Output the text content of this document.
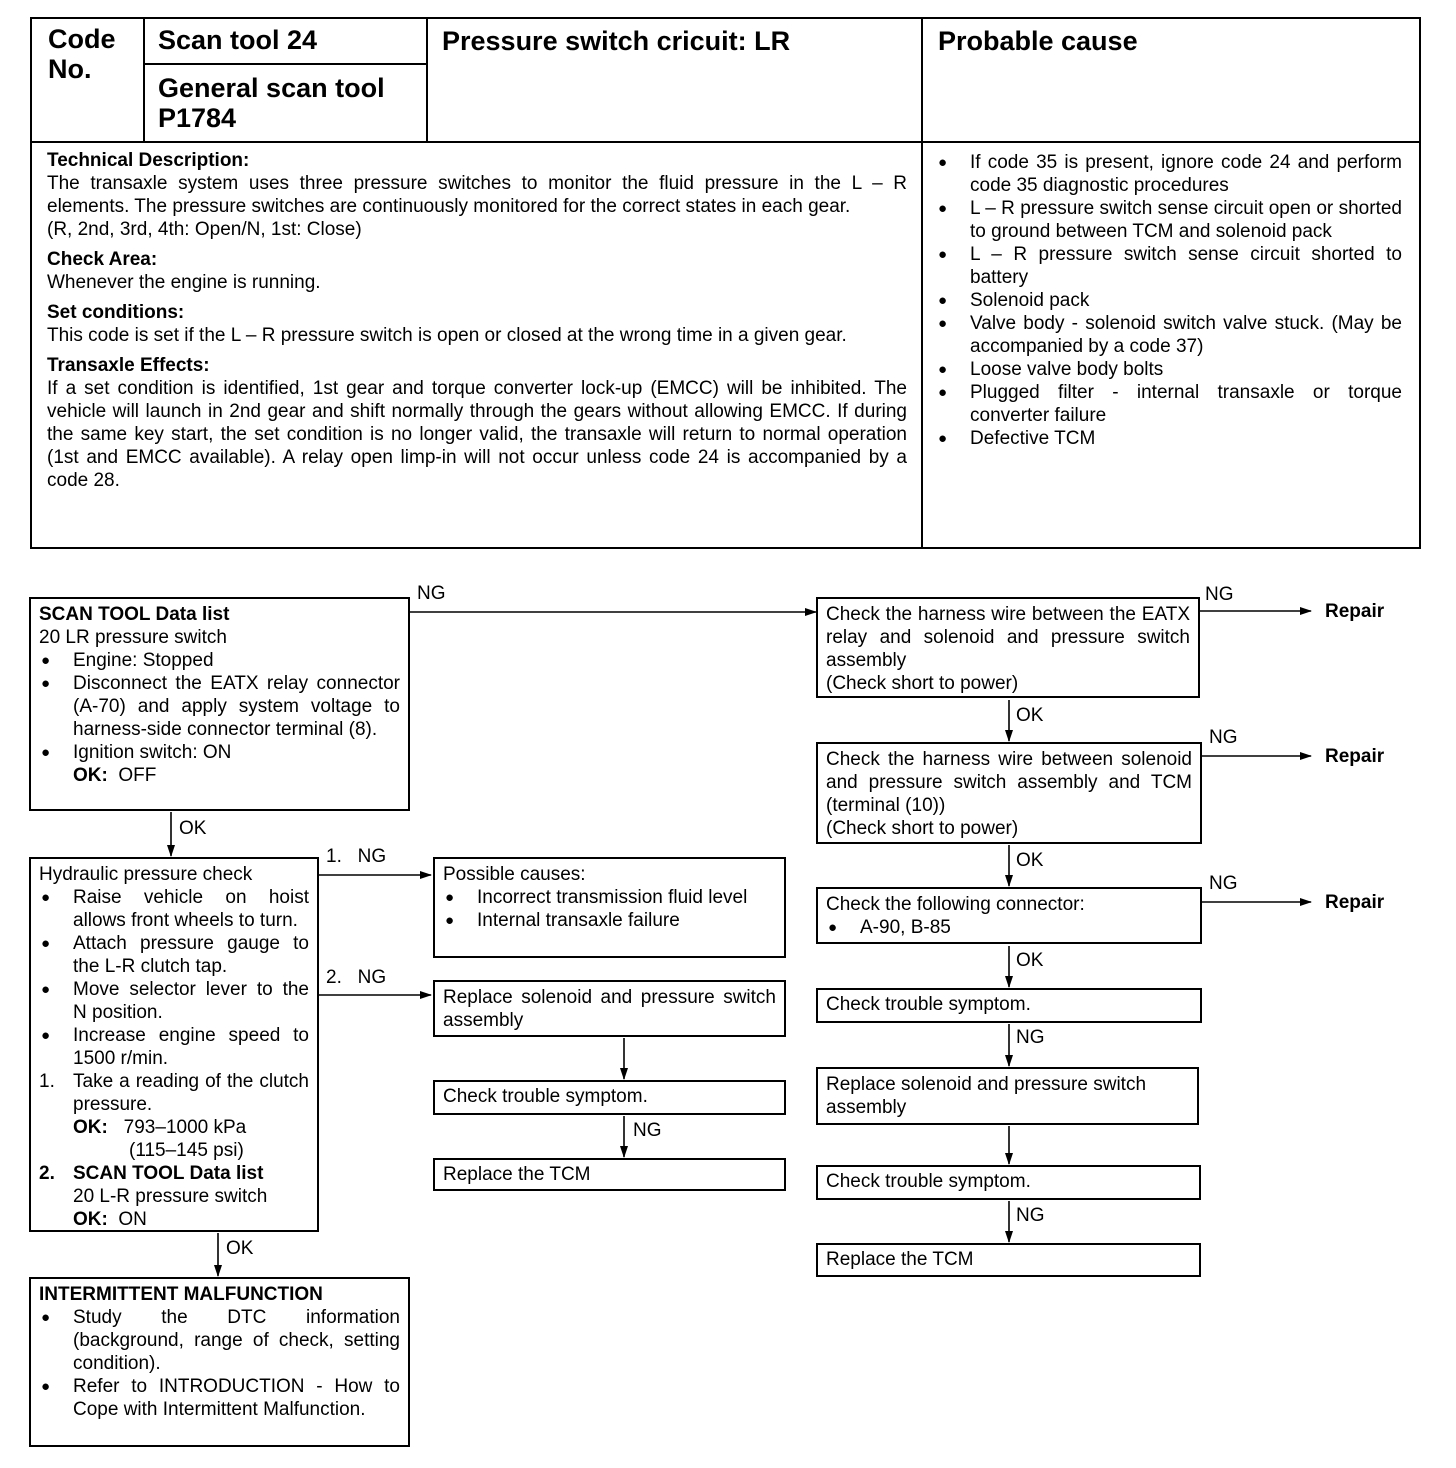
Code No.
Scan tool 24
General scan tool P1784
Pressure switch cricuit: LR	Probable cause
Technical Description:
The transaxle system uses three pressure switches to monitor the fluid pressure in the L – R elements. The pressure switches are continuously monitored for the correct states in each gear.
(R, 2nd, 3rd, 4th: Open/N, 1st: Close)
Check Area:
Whenever the engine is running.
Set conditions:
This code is set if the L – R pressure switch is open or closed at the wrong time in a given gear.
Transaxle Effects:
If a set condition is identified, 1st gear and torque converter lock-up (EMCC) will be inhibited. The vehicle will launch in 2nd gear and shift normally through the gears without allowing EMCC. If during the same key start, the set condition is no longer valid, the transaxle will return to normal operation (1st and EMCC available). A relay open limp-in will not occur unless code 24 is accompanied by a code 28.
● If code 35 is present, ignore code 24 and perform code 35 diagnostic procedures
● L – R pressure switch sense circuit open or shorted to ground between TCM and solenoid pack
● L – R pressure switch sense circuit shorted to battery
● Solenoid pack
● Valve body - solenoid switch valve stuck. (May be accompanied by a code 37)
● Loose valve body bolts
● Plugged filter - internal transaxle or torque converter failure
● Defective TCM
NG
OK
1.   NG
2.   NG
OK
NG
NG
OK
NG
OK
NG
OK
NG
NG
Repair
Repair
Repair
SCAN TOOL Data list
20 LR pressure switch
● Engine: Stopped
● Disconnect the EATX relay connector (A-70) and apply system voltage to harness-side connector terminal (8).
● Ignition switch: ON
OK: OFF
Hydraulic pressure check
● Raise vehicle on hoist allows front wheels to turn.
● Attach pressure gauge to the L-R clutch tap.
● Move selector lever to the N position.
● Increase engine speed to 1500 r/min.
1. Take a reading of the clutch pressure.
OK: 793–1000 kPa
(115–145 psi)
2. SCAN TOOL Data list
20 L-R pressure switch
OK: ON
INTERMITTENT MALFUNCTION
● Study the DTC information (background, range of check, setting condition).
● Refer to INTRODUCTION - How to Cope with Intermittent Malfunction.
Possible causes:
● Incorrect transmission fluid level
● Internal transaxle failure
Replace solenoid and pressure switch assembly
Check trouble symptom.
Replace the TCM
Check the harness wire between the EATX relay and solenoid and pressure switch assembly
(Check short to power)
Check the harness wire between solenoid and pressure switch assembly and TCM (terminal (10))
(Check short to power)
Check the following connector:
● A-90, B-85
Check trouble symptom.
Replace solenoid and pressure switch assembly
Check trouble symptom.
Replace the TCM
